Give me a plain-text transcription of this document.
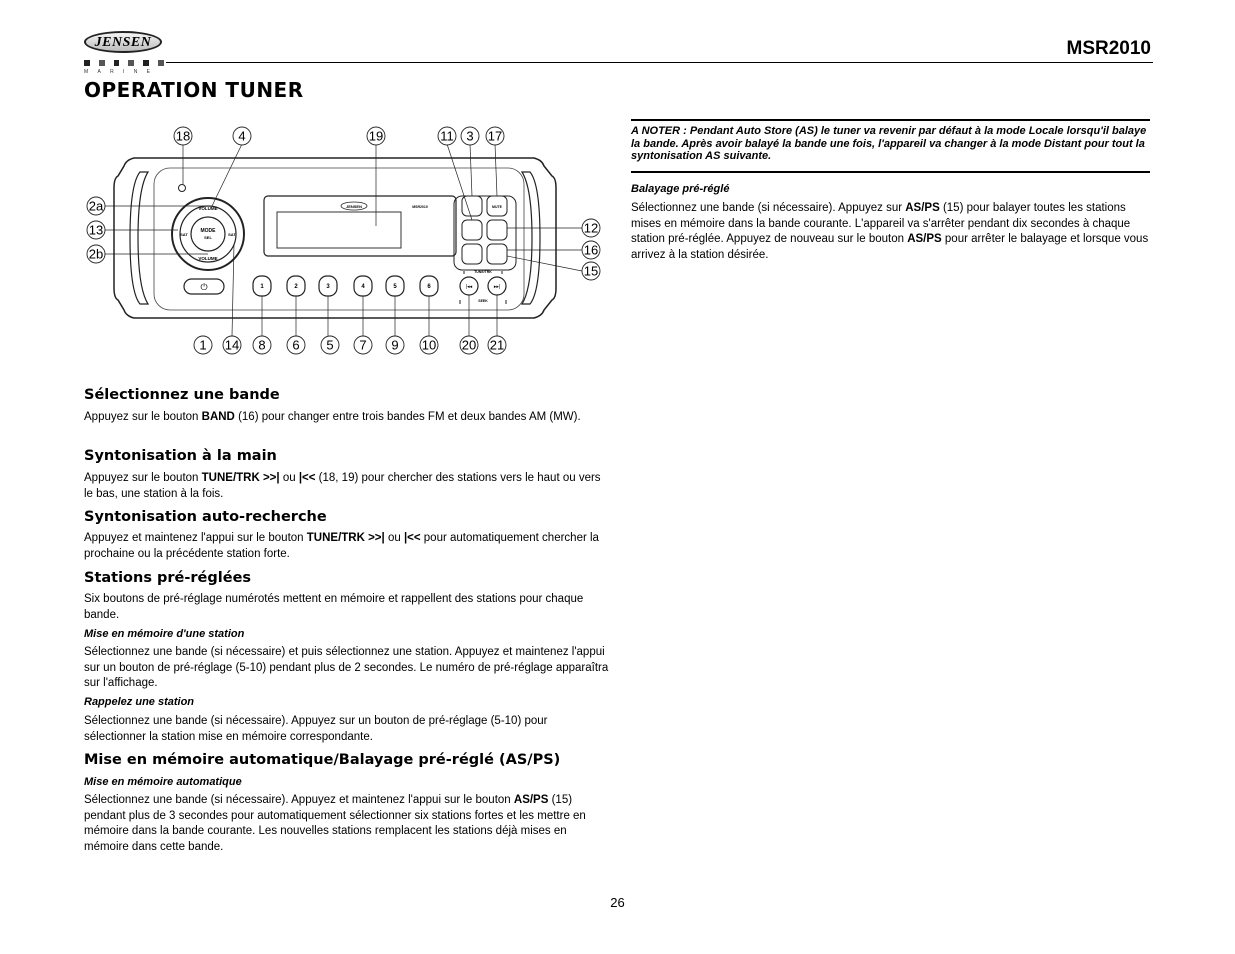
JENSEN
MARINE
MSR2010
OPERATION TUNER
VOLUME
VOLUME
MODE
SEL
SAT	SAT
JENSEN	MSR2010	MUTE
TUNE/TRK
|◂◂	▸▸|
SEEK
⏻	1	2	3	4	5	6
18	4	19	11 3 17
2a
13
2b
12
16
15
1 14 8 6 5 7 9 10 20 21
A NOTER : Pendant Auto Store (AS) le tuner va revenir par défaut à la mode Locale lorsqu'il balaye la bande. Après avoir balayé la bande une fois, l'appareil va changer à la mode Distant pour tout la syntonisation AS suivante.
Balayage pré-réglé
Sélectionnez une bande (si nécessaire). Appuyez sur AS/PS (15) pour balayer toutes les stations mises en mémoire dans la bande courante. L'appareil va s'arrêter pendant dix secondes à chaque station pré-réglée. Appuyez de nouveau sur le bouton AS/PS pour arrêter le balayage et lorsque vous arrivez à la station désirée.
Sélectionnez une bande
Appuyez sur le bouton BAND (16) pour changer entre trois bandes FM et deux bandes AM (MW).
Syntonisation à la main
Appuyez sur le bouton TUNE/TRK >>| ou |<< (18, 19) pour chercher des stations vers le haut ou vers le bas, une station à la fois.
Syntonisation auto-recherche
Appuyez et maintenez l'appui sur le bouton TUNE/TRK >>| ou |<< pour automatiquement chercher la prochaine ou la précédente station forte.
Stations pré-réglées
Six boutons de pré-réglage numérotés mettent en mémoire et rappellent des stations pour chaque bande.
Mise en mémoire d'une station
Sélectionnez une bande (si nécessaire) et puis sélectionnez une station. Appuyez et maintenez l'appui sur un bouton de pré-réglage (5-10) pendant plus de 2 secondes. Le numéro de pré-réglage apparaîtra sur l'affichage.
Rappelez une station
Sélectionnez une bande (si nécessaire). Appuyez sur un bouton de pré-réglage (5-10) pour sélectionner la station mise en mémoire correspondante.
Mise en mémoire automatique/Balayage pré-réglé (AS/PS)
Mise en mémoire automatique
Sélectionnez une bande (si nécessaire). Appuyez et maintenez l'appui sur le bouton AS/PS (15) pendant plus de 3 secondes pour automatiquement sélectionner six stations fortes et les mettre en mémoire dans la bande courante. Les nouvelles stations remplacent les stations déjà mises en mémoire dans cette bande.
26
